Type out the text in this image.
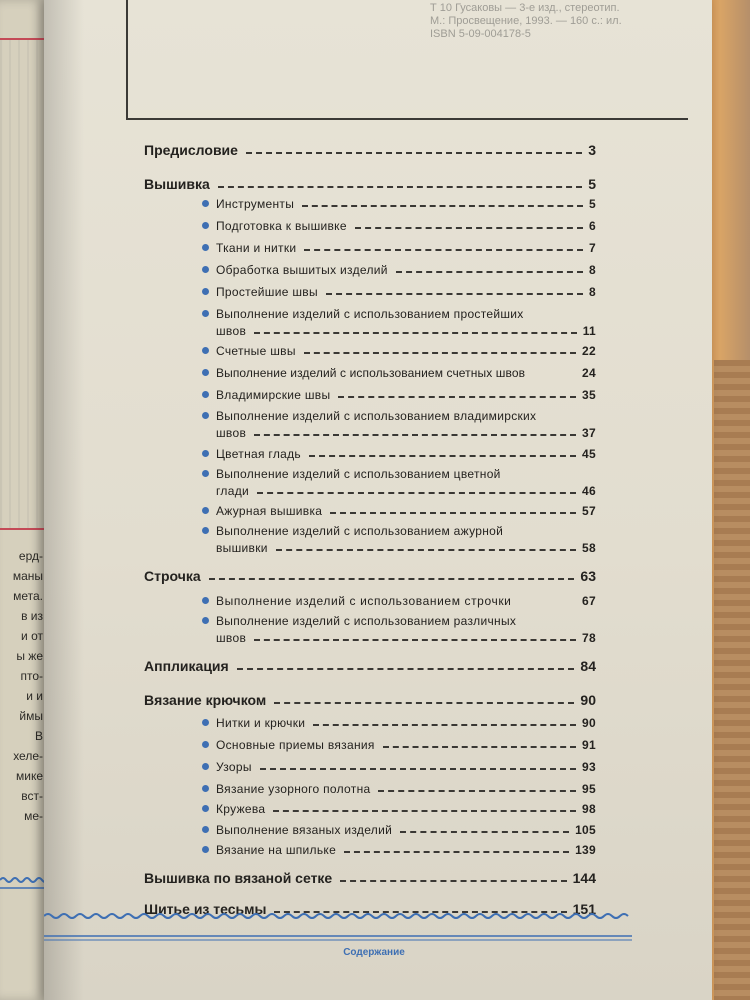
ерд-
маны
мета.
в из
и от
ы же
пто-
и и
ймы
В
хеле-
мике
вст-
ме-
Т 10 Гусаковы — 3-е изд., стереотип.
М.: Просвещение, 1993. — 160 с.: ил.
ISBN 5-09-004178-5
Предисловие	3
Вышивка	5
Инструменты	5
Подготовка к вышивке	6
Ткани и нитки	7
Обработка вышитых изделий	8
Простейшие швы	8
Выполнение изделий с использованием простейших
швов	11
Счетные швы	22
Выполнение изделий с использованием счетных швов	24
Владимирские швы	35
Выполнение изделий с использованием владимирских
швов	37
Цветная гладь	45
Выполнение изделий с использованием цветной
глади	46
Ажурная вышивка	57
Выполнение изделий с использованием ажурной
вышивки	58
Строчка	63
Выполнение изделий с использованием строчки	67
Выполнение изделий с использованием различных
швов	78
Аппликация	84
Вязание крючком	90
Нитки и крючки	90
Основные приемы вязания	91
Узоры	93
Вязание узорного полотна	95
Кружева	98
Выполнение вязаных изделий	105
Вязание на шпильке	139
Вышивка по вязаной сетке	144
Шитье из тесьмы	151
Содержание
